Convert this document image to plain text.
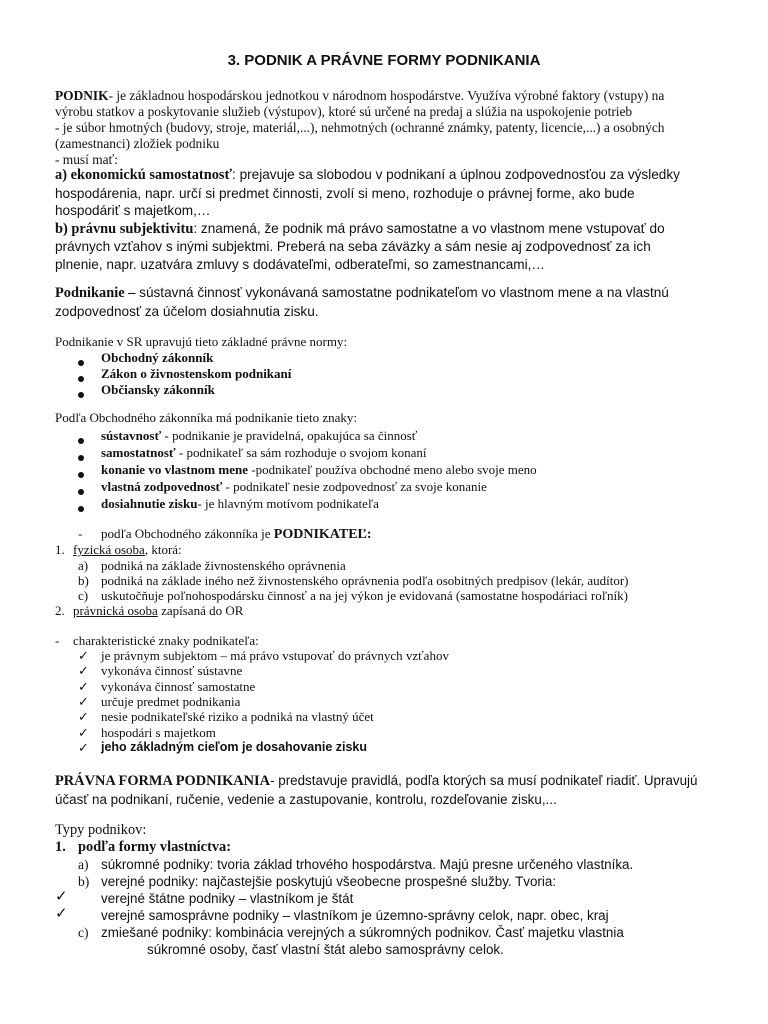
3. PODNIK A PRÁVNE FORMY PODNIKANIA

PODNIK- je základnou hospodárskou jednotkou v národnom hospodárstve. Využíva výrobné faktory (vstupy) na

výrobu statkov a poskytovanie služieb (výstupov), ktoré sú určené na predaj a slúžia na uspokojenie potrieb

- je súbor hmotných (budovy, stroje, materiál,...), nehmotných (ochranné známky, patenty, licencie,...) a osobných

(zamestnanci) zložiek podniku

- musí mať:

a) ekonomickú samostatnosť: prejavuje sa slobodou v podnikaní a úplnou zodpovednosťou za výsledky

hospodárenia, napr. určí si predmet činnosti, zvolí si meno, rozhoduje o právnej forme, ako bude

hospodáriť s majetkom,…

b) právnu subjektivitu: znamená, že podnik má právo samostatne a vo vlastnom mene vstupovať do

právnych vzťahov s inými subjektmi. Preberá na seba záväzky a sám nesie aj zodpovednosť za ich

plnenie, napr. uzatvára zmluvy s dodávateľmi, odberateľmi, so zamestnancami,…

Podnikanie – sústavná činnosť vykonávaná samostatne podnikateľom vo vlastnom mene a na vlastnú

zodpovednosť za účelom dosiahnutia zisku.

Podnikanie v SR upravujú tieto základné právne normy:
Obchodný zákonník
Zákon o živnostenskom podnikaní
Občiansky zákonník
Podľa Obchodného zákonníka má podnikanie tieto znaky:
sústavnosť - podnikanie je pravidelná, opakujúca sa činnosť
samostatnosť - podnikateľ sa sám rozhoduje o svojom konaní
konanie vo vlastnom mene -podnikateľ používa obchodné meno alebo svoje meno
vlastná zodpovednosť - podnikateľ nesie zodpovednosť za svoje konanie
dosiahnutie zisku- je hlavným motívom podnikateľa
- podľa Obchodného zákonníka je PODNIKATEĽ:
1. fyzická osoba, ktorá:
a) podniká na základe živnostenského oprávnenia
b) podniká na základe iného než živnostenského oprávnenia podľa osobitných predpisov (lekár, audítor)
c) uskutočňuje poľnohospodársku činnosť a na jej výkon je evidovaná (samostatne hospodáriaci roľník)
2. právnická osoba zapísaná do OR
- charakteristické znaky podnikateľa:
✓ je právnym subjektom – má právo vstupovať do právnych vzťahov
✓ vykonáva činnosť sústavne
✓ vykonáva činnosť samostatne
✓ určuje predmet podnikania
✓ nesie podnikateľské riziko a podniká na vlastný účet
✓ hospodári s majetkom
✓ jeho základným cieľom je dosahovanie zisku

PRÁVNA FORMA PODNIKANIA- predstavuje pravidlá, podľa ktorých sa musí podnikateľ riadiť. Upravujú

účasť na podnikaní, ručenie, vedenie a zastupovanie, kontrolu, rozdeľovanie zisku,...

Typy podnikov:
1. podľa formy vlastníctva:
a) súkromné podniky: tvoria základ trhového hospodárstva. Majú presne určeného vlastníka.
b) verejné podniky: najčastejšie poskytujú všeobecne prospešné služby. Tvoria:
✓ verejné štátne podniky – vlastníkom je štát
✓ verejné samosprávne podniky – vlastníkom je územno-správny celok, napr. obec, kraj
c) zmiešané podniky: kombinácia verejných a súkromných podnikov. Časť majetku vlastnia
súkromné osoby, časť vlastní štát alebo samosprávny celok.
